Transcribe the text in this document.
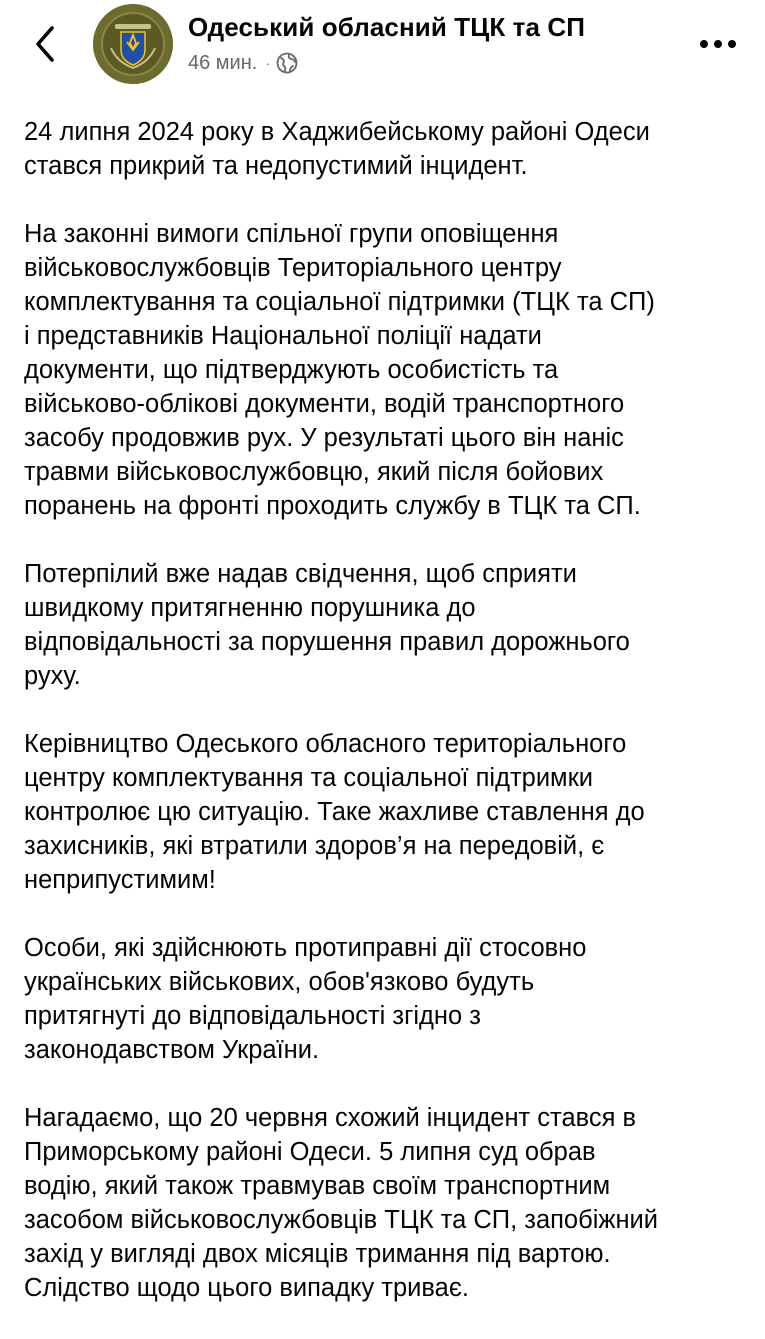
Одеський обласний ТЦК та СП
46 мин. ·

24 липня 2024 року в Хаджибейському районі Одеси
стався прикрий та недопустимий інцидент.

На законні вимоги спільної групи оповіщення
військовослужбовців Територіального центру
комплектування та соціальної підтримки (ТЦК та СП)
і представників Національної поліції надати
документи, що підтверджують особистість та
військово-облікові документи, водій транспортного
засобу продовжив рух. У результаті цього він наніс
травми військовослужбовцю, який після бойових
поранень на фронті проходить службу в ТЦК та СП.

Потерпілий вже надав свідчення, щоб сприяти
швидкому притягненню порушника до
відповідальності за порушення правил дорожнього
руху.

Керівництво Одеського обласного територіального
центру комплектування та соціальної підтримки
контролює цю ситуацію. Таке жахливе ставлення до
захисників, які втратили здоров’я на передовій, є
неприпустимим!

Особи, які здійснюють протиправні дії стосовно
українських військових, обов'язково будуть
притягнуті до відповідальності згідно з
законодавством України.

Нагадаємо, що 20 червня схожий інцидент стався в
Приморському районі Одеси. 5 липня суд обрав
водію, який також травмував своїм транспортним
засобом військовослужбовців ТЦК та СП, запобіжний
захід у вигляді двох місяців тримання під вартою.
Слідство щодо цього випадку триває.
